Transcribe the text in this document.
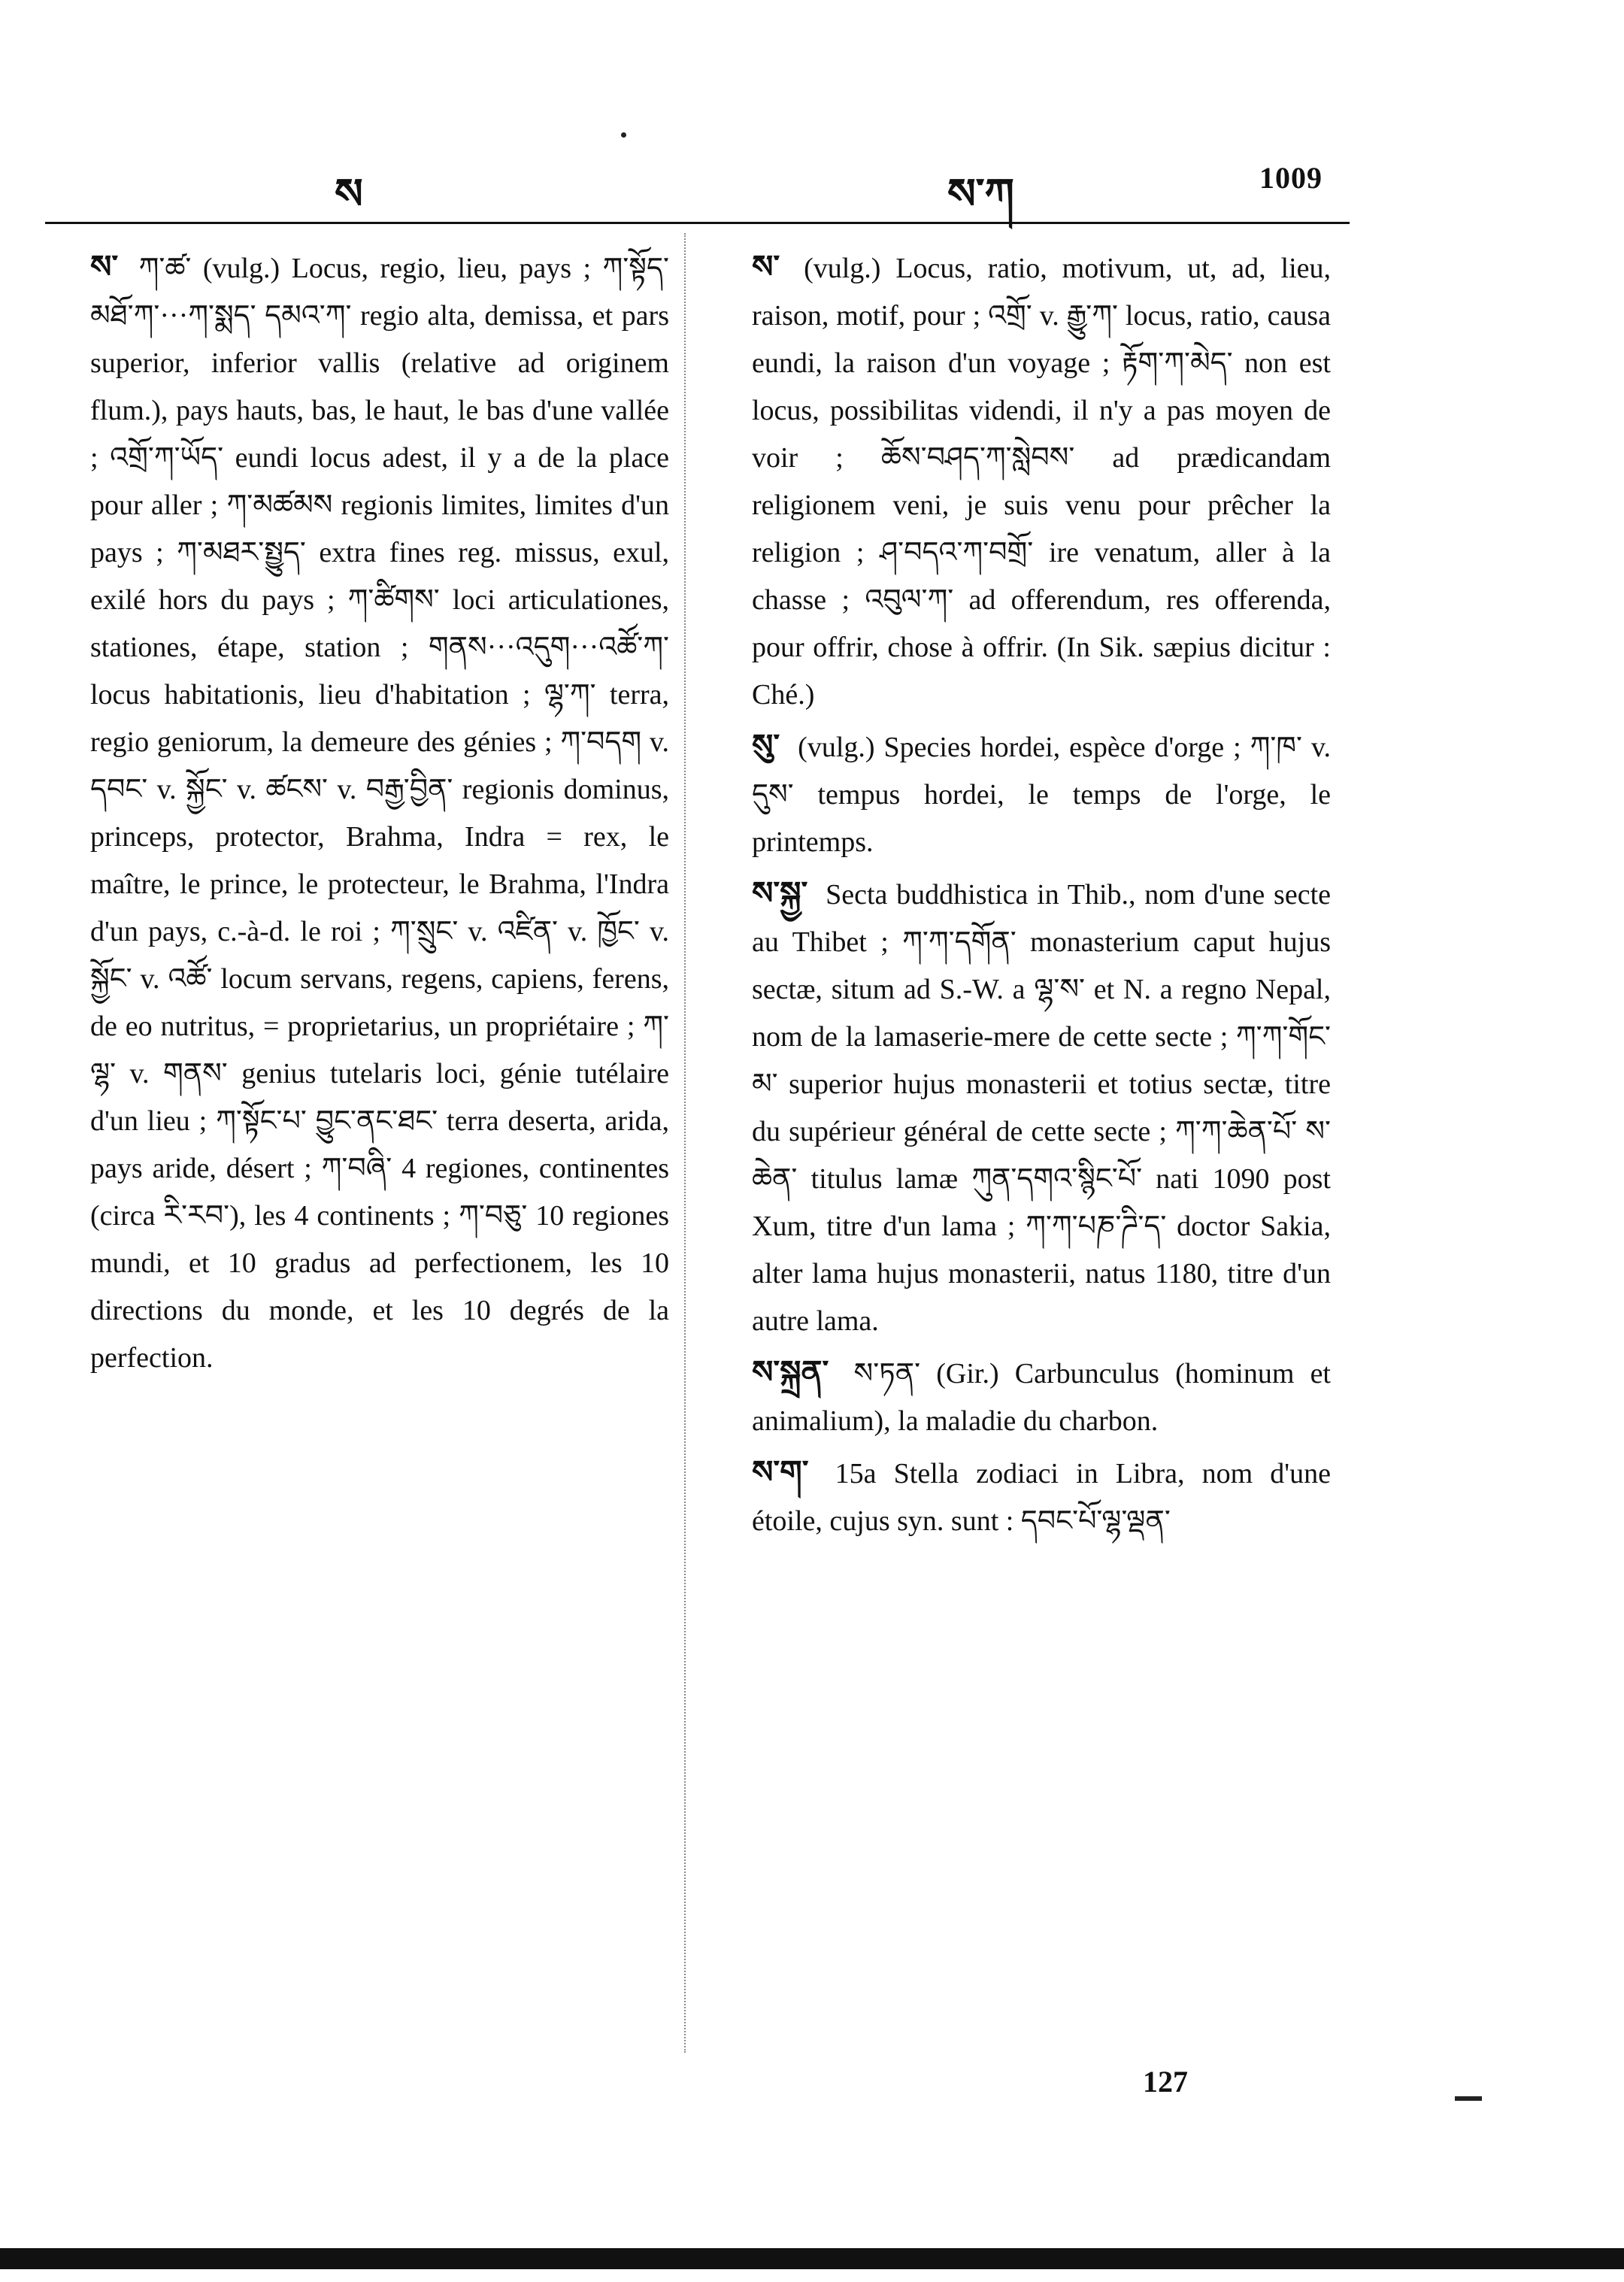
ས	ས་ཀ	1009

ས་ ཀ་ཚ་ (vulg.) Locus, regio, lieu, pays ; ཀ་སྟོད་ མཐོ་ཀ་···ཀ་སྨད་ དམའ་ཀ་ regio alta, demissa, et pars superior, inferior vallis (relative ad originem flum.), pays hauts, bas, le haut, le bas d'une vallée ; འགྲོ་ཀ་ཡོད་ eundi locus adest, il y a de la place pour aller ; ཀ་མཚམས regionis limites, limites d'un pays ; ཀ་མཐར་སྤྱུད་ extra fines reg. missus, exul, exilé hors du pays ; ཀ་ཚིགས་ loci articulationes, stationes, étape, station ; གནས···འདུག···འཚོ་ཀ་ locus habitationis, lieu d'habitation ; ལྷ་ཀ་ terra, regio geniorum, la demeure des génies ; ཀ་བདག v. དབང་ v. སྐྱོང་ v. ཚངས་ v. བརྒྱ་བྱིན་ regionis dominus, princeps, protector, Brahma, Indra = rex, le maître, le prince, le protecteur, le Brahma, l'Indra d'un pays, c.-à-d. le roi ; ཀ་སྲུང་ v. འཛིན་ v. ཁྱོང་ v. སྐྱོང་ v. འཚོ་ locum servans, regens, capiens, ferens, de eo nutritus, = proprietarius, un propriétaire ; ཀ་ལྷ་ v. གནས་ genius tutelaris loci, génie tutélaire d'un lieu ; ཀ་སྟོང་པ་ བྱུང་ནང་ཐང་ terra deserta, arida, pays aride, désert ; ཀ་བཞི་ 4 regiones, continentes (circa རི་རབ་), les 4 continents ; ཀ་བཅུ་ 10 regiones mundi, et 10 gradus ad perfectionem, les 10 directions du monde, et les 10 degrés de la perfection.

ས་ (vulg.) Locus, ratio, motivum, ut, ad, lieu, raison, motif, pour ; འགྲོ་ v. རྒྱུ་ཀ་ locus, ratio, causa eundi, la raison d'un voyage ; རྟོག་ཀ་མེད་ non est locus, possibilitas videndi, il n'y a pas moyen de voir ; ཆོས་བཤད་ཀ་སླེབས་ ad prædicandam religionem veni, je suis venu pour prêcher la religion ; ཤ་བདའ་ཀ་བགྲོ་ ire venatum, aller à la chasse ; འབུལ་ཀ་ ad offerendum, res offerenda, pour offrir, chose à offrir. (In Sik. sæpius dicitur : Ché.)

སུ་ (vulg.) Species hordei, espèce d'orge ; ཀ་ཁ་ v. དུས་ tempus hordei, le temps de l'orge, le printemps.

ས་སྐྱ་ Secta buddhistica in Thib., nom d'une secte au Thibet ; ཀ་ཀ་དགོན་ monasterium caput hujus sectæ, situm ad S.-W. a ལྷ་ས་ et N. a regno Nepal, nom de la lamaserie-mere de cette secte ; ཀ་ཀ་གོང་མ་ superior hujus monasterii et totius sectæ, titre du supérieur général de cette secte ; ཀ་ཀ་ཆེན་པོ་ ས་ཆེན་ titulus lamæ ཀུན་དགའ་སྙིང་པོ་ nati 1090 post Xum, titre d'un lama ; ཀ་ཀ་པཎ་ཌི་ད་ doctor Sakia, alter lama hujus monasterii, natus 1180, titre d'un autre lama.

ས་སྐྲན་ ས་ཏན་ (Gir.) Carbunculus (hominum et animalium), la maladie du charbon.

ས་ག་ 15a Stella zodiaci in Libra, nom d'une étoile, cujus syn. sunt : དབང་པོ་ལྷ་ལྡན་

127
